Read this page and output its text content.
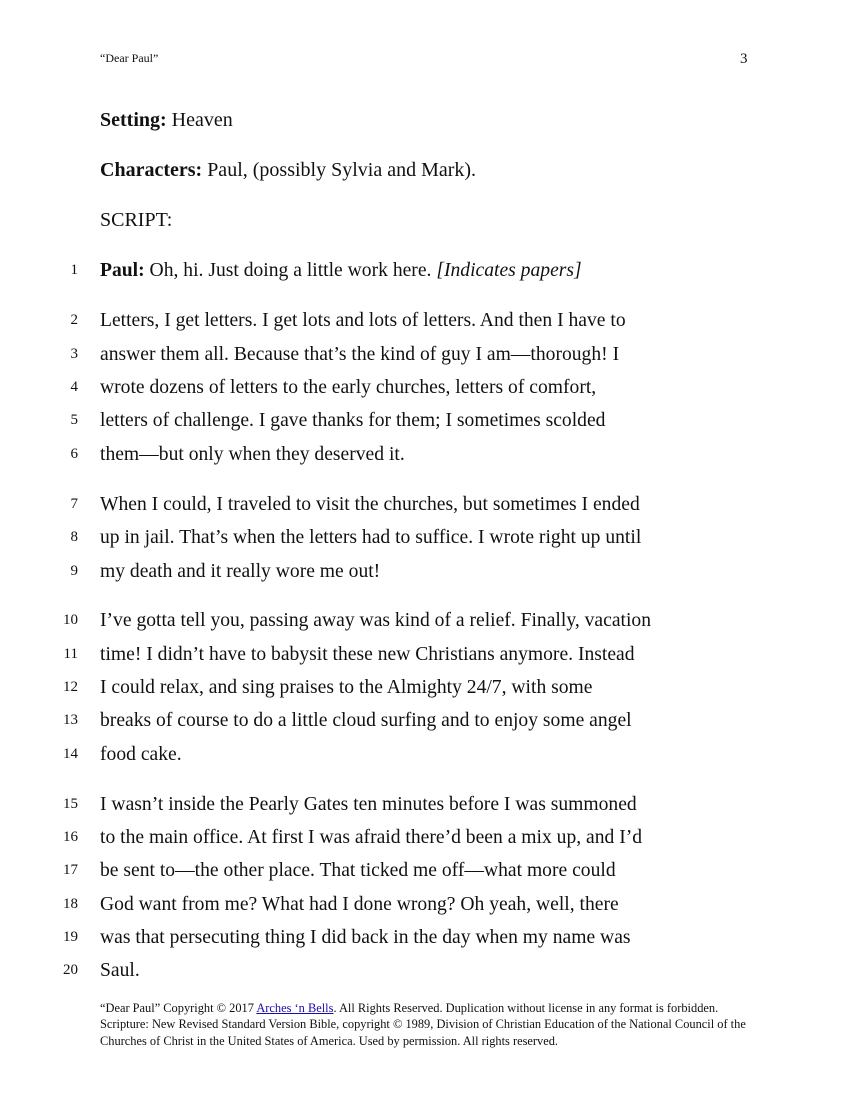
“Dear Paul”	3
Setting: Heaven
Characters: Paul, (possibly Sylvia and Mark).
SCRIPT:
1 Paul: Oh, hi. Just doing a little work here. [Indicates papers]
2 Letters, I get letters. I get lots and lots of letters. And then I have to
3 answer them all. Because that’s the kind of guy I am—thorough! I
4 wrote dozens of letters to the early churches, letters of comfort,
5 letters of challenge. I gave thanks for them; I sometimes scolded
6 them—but only when they deserved it.
7 When I could, I traveled to visit the churches, but sometimes I ended
8 up in jail. That’s when the letters had to suffice. I wrote right up until
9 my death and it really wore me out!
10 I’ve gotta tell you, passing away was kind of a relief. Finally, vacation
11 time! I didn’t have to babysit these new Christians anymore. Instead
12 I could relax, and sing praises to the Almighty 24/7, with some
13 breaks of course to do a little cloud surfing and to enjoy some angel
14 food cake.
15 I wasn’t inside the Pearly Gates ten minutes before I was summoned
16 to the main office. At first I was afraid there’d been a mix up, and I’d
17 be sent to—the other place. That ticked me off—what more could
18 God want from me? What had I done wrong? Oh yeah, well, there
19 was that persecuting thing I did back in the day when my name was
20 Saul.
“Dear Paul” Copyright © 2017 Arches ‘n Bells. All Rights Reserved. Duplication without license in any format is forbidden. Scripture: New Revised Standard Version Bible, copyright © 1989, Division of Christian Education of the National Council of the Churches of Christ in the United States of America. Used by permission. All rights reserved.
